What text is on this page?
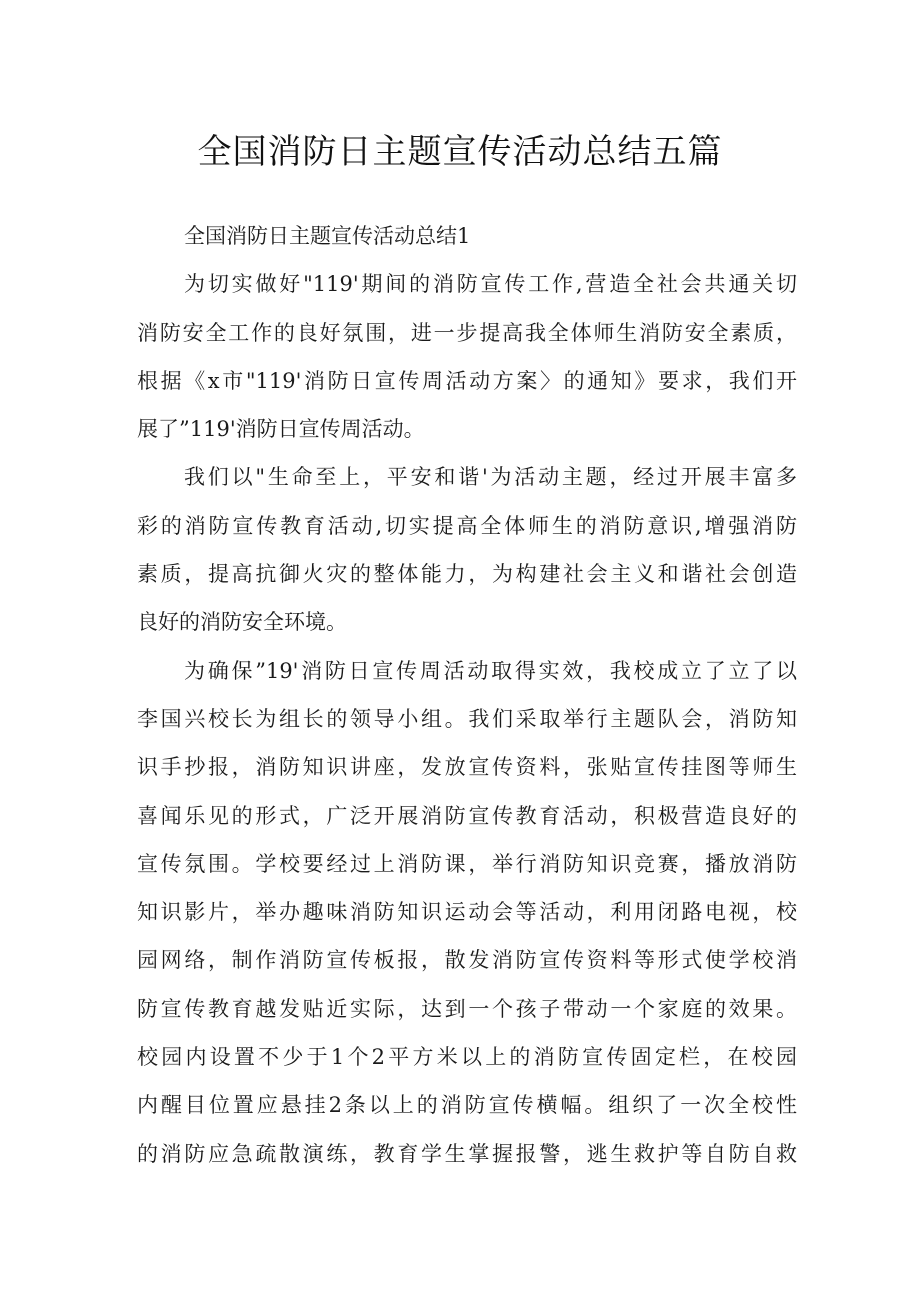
全国消防日主题宣传活动总结五篇
全国消防日主题宣传活动总结1
为切实做好"119'期间的消防宣传工作,营造全社会共通关切
消防安全工作的良好氛围，进一步提高我全体师生消防安全素质，
根据《x市"119'消防日宣传周活动方案〉的通知》要求，我们开
展了”119'消防日宣传周活动。
我们以"生命至上，平安和谐'为活动主题，经过开展丰富多
彩的消防宣传教育活动,切实提高全体师生的消防意识,增强消防
素质，提高抗御火灾的整体能力，为构建社会主义和谐社会创造
良好的消防安全环境。
为确保”19'消防日宣传周活动取得实效，我校成立了立了以
李国兴校长为组长的领导小组。我们采取举行主题队会，消防知
识手抄报，消防知识讲座，发放宣传资料，张贴宣传挂图等师生
喜闻乐见的形式，广泛开展消防宣传教育活动，积极营造良好的
宣传氛围。学校要经过上消防课，举行消防知识竞赛，播放消防
知识影片，举办趣味消防知识运动会等活动，利用闭路电视，校
园网络，制作消防宣传板报，散发消防宣传资料等形式使学校消
防宣传教育越发贴近实际，达到一个孩子带动一个家庭的效果。
校园内设置不少于1个2平方米以上的消防宣传固定栏，在校园
内醒目位置应悬挂2条以上的消防宣传横幅。组织了一次全校性
的消防应急疏散演练，教育学生掌握报警，逃生救护等自防自救
